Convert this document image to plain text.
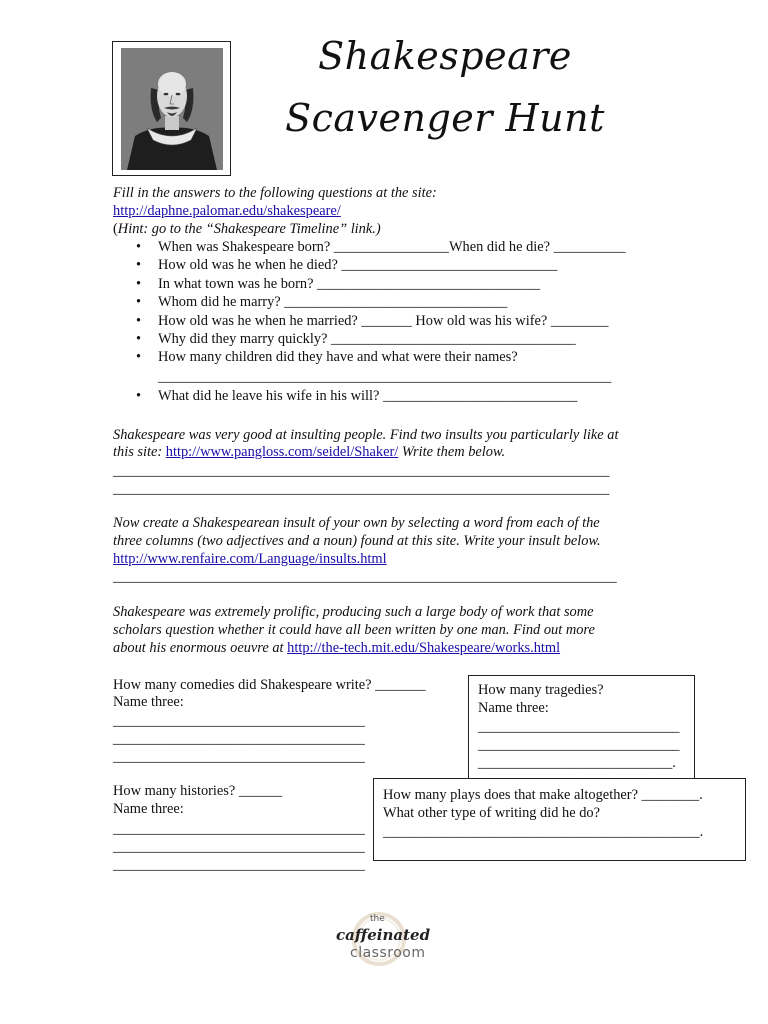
Shakespeare
Scavenger Hunt
Fill in the answers to the following questions at the site:
http://daphne.palomar.edu/shakespeare/
(Hint: go to the “Shakespeare Timeline” link.)
• When was Shakespeare born? ________________When did he die? __________
• How old was he when he died? ______________________________
• In what town was he born? _______________________________
• Whom did he marry? _______________________________
• How old was he when he married? _______ How old was his wife? ________
• Why did they marry quickly? __________________________________
• How many children did they have and what were their names?
_______________________________________________________________
• What did he leave his wife in his will? ___________________________
Shakespeare was very good at insulting people. Find two insults you particularly like at
this site: http://www.pangloss.com/seidel/Shaker/ Write them below.
_____________________________________________________________________
_____________________________________________________________________
Now create a Shakespearean insult of your own by selecting a word from each of the
three columns (two adjectives and a noun) found at this site. Write your insult below.
http://www.renfaire.com/Language/insults.html
______________________________________________________________________
Shakespeare was extremely prolific, producing such a large body of work that some
scholars question whether it could have all been written by one man. Find out more
about his enormous oeuvre at http://the-tech.mit.edu/Shakespeare/works.html
How many comedies did Shakespeare write? _______
Name three:
___________________________________
___________________________________
___________________________________
How many tragedies?
Name three:
____________________________
____________________________
___________________________.
How many histories? ______
Name three:
___________________________________
___________________________________
___________________________________
How many plays does that make altogether? ________.
What other type of writing did he do?
____________________________________________.
the
caffeinated
classroom
